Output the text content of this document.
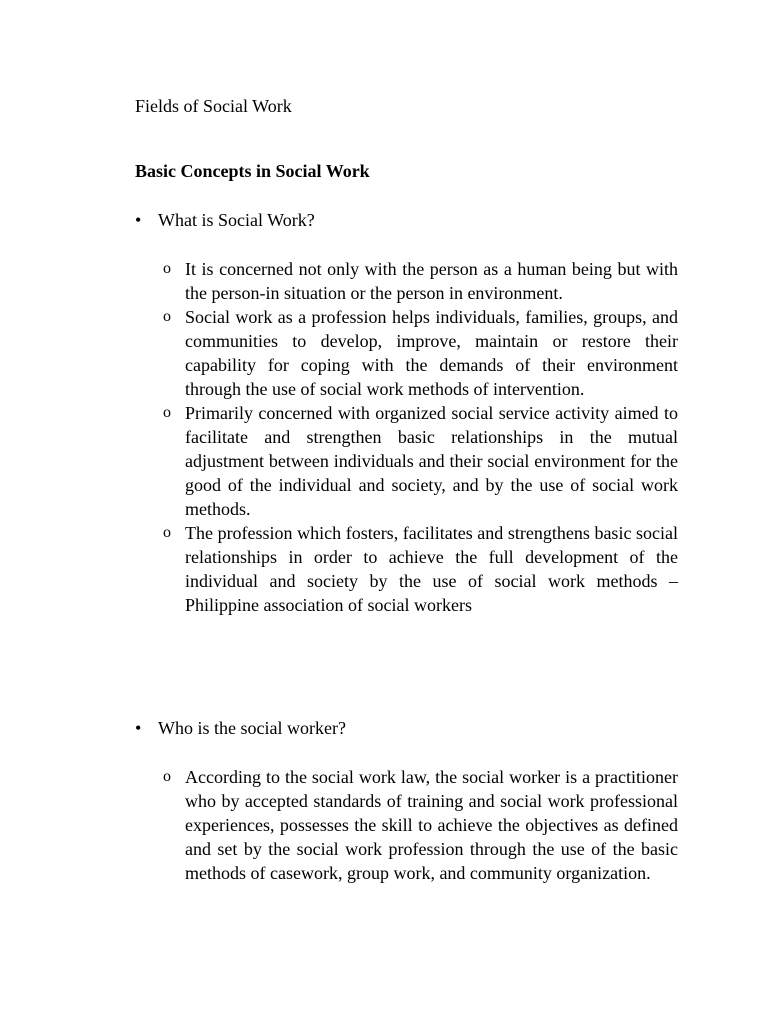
Fields of Social Work
Basic Concepts in Social Work
• What is Social Work?
o It is concerned not only with the person as a human being but with the person-in situation or the person in environment.
o Social work as a profession helps individuals, families, groups, and communities to develop, improve, maintain or restore their capability for coping with the demands of their environment through the use of social work methods of intervention.
o Primarily concerned with organized social service activity aimed to facilitate and strengthen basic relationships in the mutual adjustment between individuals and their social environment for the good of the individual and society, and by the use of social work methods.
o The profession which fosters, facilitates and strengthens basic social relationships in order to achieve the full development of the individual and society by the use of social work methods –Philippine association of social workers
• Who is the social worker?
o According to the social work law, the social worker is a practitioner who by accepted standards of training and social work professional experiences, possesses the skill to achieve the objectives as defined and set by the social work profession through the use of the basic methods of casework, group work, and community organization.
